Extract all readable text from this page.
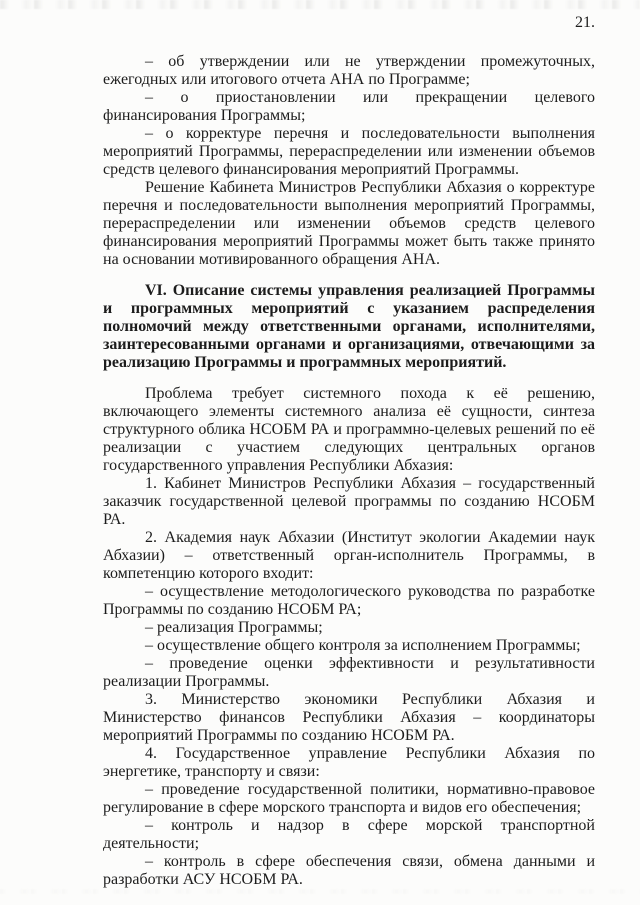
21.

– об утверждении или не утверждении промежуточных, ежегодных или итогового отчета АНА по Программе;

– о приостановлении или прекращении целевого финансирования Программы;

– о корректуре перечня и последовательности выполнения мероприятий Программы, перераспределении или изменении объемов средств целевого финансирования мероприятий Программы.

Решение Кабинета Министров Республики Абхазия о корректуре перечня и последовательности выполнения мероприятий Программы, перераспределении или изменении объемов средств целевого финансирования мероприятий Программы может быть также принято на основании мотивированного обращения АНА.

VI. Описание системы управления реализацией Программы и программных мероприятий с указанием распределения полномочий между ответственными органами, исполнителями, заинтересованными органами и организациями, отвечающими за реализацию Программы и программных мероприятий.

Проблема требует системного похода к её решению, включающего элементы системного анализа её сущности, синтеза структурного облика НСОБМ РА и программно-целевых решений по её реализации с участием следующих центральных органов государственного управления Республики Абхазия:

1. Кабинет Министров Республики Абхазия – государственный заказчик государственной целевой программы по созданию НСОБМ РА.

2. Академия наук Абхазии (Институт экологии Академии наук Абхазии) – ответственный орган-исполнитель Программы, в компетенцию которого входит:

– осуществление методологического руководства по разработке Программы по созданию НСОБМ РА;

– реализация Программы;

– осуществление общего контроля за исполнением Программы;

– проведение оценки эффективности и результативности реализации Программы.

3. Министерство экономики Республики Абхазия и Министерство финансов Республики Абхазия – координаторы мероприятий Программы по созданию НСОБМ РА.

4. Государственное управление Республики Абхазия по энергетике, транспорту и связи:

– проведение государственной политики, нормативно-правовое регулирование в сфере морского транспорта и видов его обеспечения;

– контроль и надзор в сфере морской транспортной деятельности;

– контроль в сфере обеспечения связи, обмена данными и разработки АСУ НСОБМ РА.
